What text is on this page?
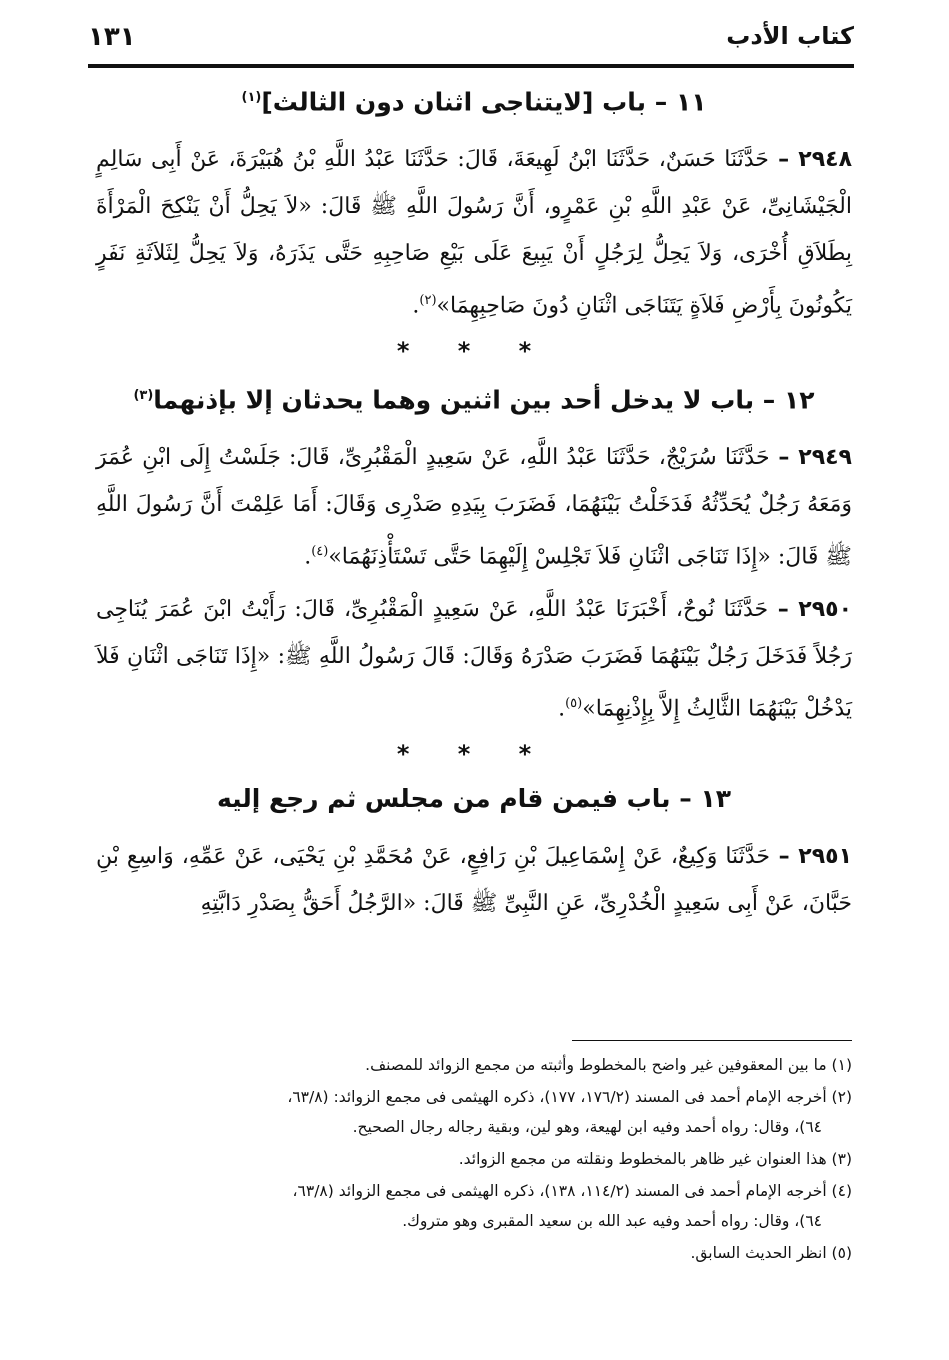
كتاب الأدب
١٣١
١١ – باب [لايتناجى اثنان دون الثالث]$^{(١)}$

٢٩٤٨ – حَدَّثَنَا حَسَنٌ، حَدَّثَنَا ابْنُ لَهِيعَةَ، قَالَ: حَدَّثَنَا عَبْدُ اللَّهِ بْنُ هُبَيْرَةَ، عَنْ أَبِى سَالِمٍ الْجَيْشَانِىِّ، عَنْ عَبْدِ اللَّهِ بْنِ عَمْرٍو، أَنَّ رَسُولَ اللَّهِ ﷺ قَالَ: «لاَ يَحِلُّ أَنْ يَنْكِحَ الْمَرْأَةَ بِطَلاَقِ أُخْرَى، وَلاَ يَحِلُّ لِرَجُلٍ أَنْ يَبِيعَ عَلَى بَيْعِ صَاحِبِهِ حَتَّى يَذَرَهُ، وَلاَ يَحِلُّ لِثَلاَثَةِ نَفَرٍ يَكُونُونَ بِأَرْضِ فَلاَةٍ يَتَنَاجَى اثْنَانِ دُونَ صَاحِبِهِمَا»$^{(٢)}$.

* * *
١٢ – باب لا يدخل أحد بين اثنين وهما يحدثان إلا بإذنهما$^{(٣)}$

٢٩٤٩ – حَدَّثَنَا سُرَيْجٌ، حَدَّثَنَا عَبْدُ اللَّهِ، عَنْ سَعِيدٍ الْمَقْبُرِىِّ، قَالَ: جَلَسْتُ إِلَى ابْنِ عُمَرَ وَمَعَهُ رَجُلٌ يُحَدِّثُهُ فَدَخَلْتُ بَيْنَهُمَا، فَضَرَبَ بِيَدِهِ صَدْرِى وَقَالَ: أَمَا عَلِمْتَ أَنَّ رَسُولَ اللَّهِ ﷺ قَالَ: «إِذَا تَنَاجَى اثْنَانِ فَلاَ تَجْلِسْ إِلَيْهِمَا حَتَّى تَسْتَأْذِنَهُمَا»$^{(٤)}$.

٢٩٥٠ – حَدَّثَنَا نُوحٌ، أَخْبَرَنَا عَبْدُ اللَّهِ، عَنْ سَعِيدٍ الْمَقْبُرِىِّ، قَالَ: رَأَيْتُ ابْنَ عُمَرَ يُنَاجِى رَجُلاً فَدَخَلَ رَجُلٌ بَيْنَهُمَا فَضَرَبَ صَدْرَهُ وَقَالَ: قَالَ رَسُولُ اللَّهِ ﷺ: «إِذَا تَنَاجَى اثْنَانِ فَلاَ يَدْخُلْ بَيْنَهُمَا الثَّالِثُ إِلاَّ بِإِذْنِهِمَا»$^{(٥)}$.

* * *
١٣ – باب فيمن قام من مجلس ثم رجع إليه

٢٩٥١ – حَدَّثَنَا وَكِيعٌ، عَنْ إِسْمَاعِيلَ بْنِ رَافِعٍ، عَنْ مُحَمَّدِ بْنِ يَحْيَى، عَنْ عَمِّهِ، وَاسِعِ بْنِ حَبَّانَ، عَنْ أَبِى سَعِيدٍ الْخُدْرِىِّ، عَنِ النَّبِىِّ ﷺ قَالَ: «الرَّجُلُ أَحَقُّ بِصَدْرِ دَابَّتِهِ

(١) ما بين المعقوفين غير واضح بالمخطوط وأثبته من مجمع الزوائد للمصنف.

(٢) أخرجه الإمام أحمد فى المسند (١٧٦/٢، ١٧٧)، ذكره الهيثمى فى مجمع الزوائد: (٦٣/٨،
٦٤)، وقال: رواه أحمد وفيه ابن لهيعة، وهو لين، وبقية رجاله رجال الصحيح.

(٣) هذا العنوان غير ظاهر بالمخطوط ونقلته من مجمع الزوائد.

(٤) أخرجه الإمام أحمد فى المسند (١١٤/٢، ١٣٨)، ذكره الهيثمى فى مجمع الزوائد (٦٣/٨،
٦٤)، وقال: رواه أحمد وفيه عبد الله بن سعيد المقبرى وهو متروك.

(٥) انظر الحديث السابق.
